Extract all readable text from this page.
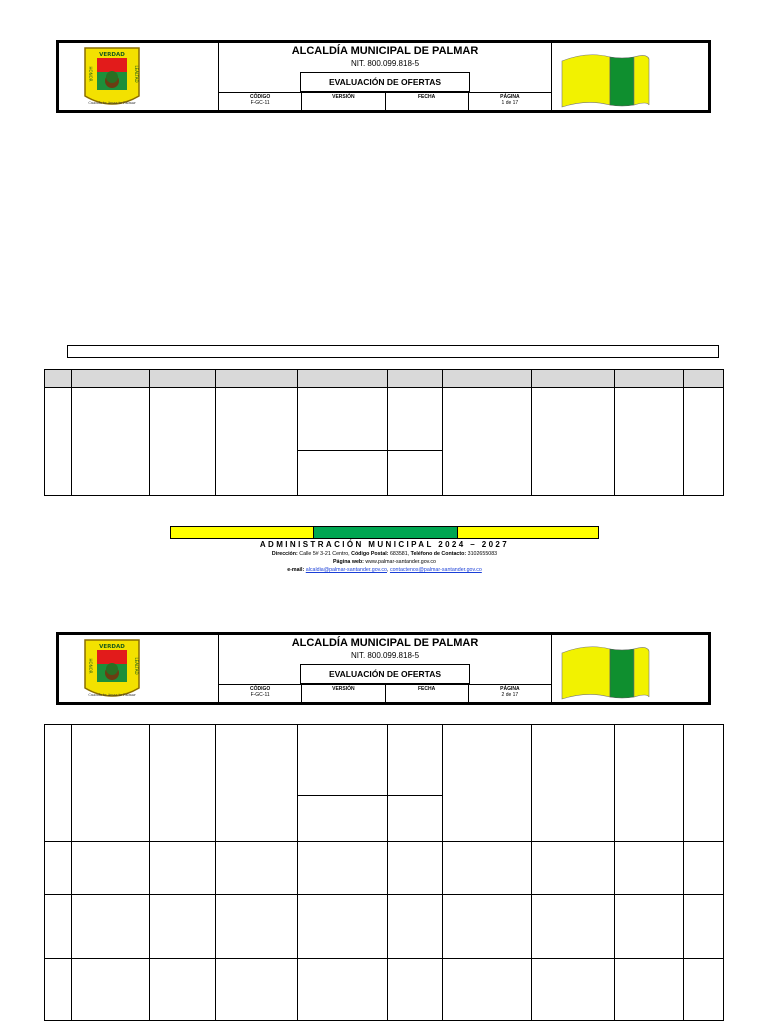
VERDAD
HONOR	LEALTAD
Cuando te Amas te Palmar
ALCALDÍA MUNICIPAL DE PALMAR
NIT. 800.099.818-5
EVALUACIÓN DE OFERTAS
CÓDIGO
F-GC-11
VERSIÓN	FECHA	PÁGINA
1 de 17
ADMINISTRACIÓN MUNICIPAL 2024 – 2027
Dirección: Calle 5# 3-21 Centro, Código Postal: 683581, Teléfono de Contacto: 3102655083
Página web: www.palmar-santander.gov.co
e-mail: alcaldia@palmar-santander.gov.co, contactenos@palmar-santander.gov.co
VERDAD
HONOR	LEALTAD
Cuando te Amas te Palmar
ALCALDÍA MUNICIPAL DE PALMAR
NIT. 800.099.818-5
EVALUACIÓN DE OFERTAS
CÓDIGO
F-GC-11
VERSIÓN	FECHA	PÁGINA
2 de 17
